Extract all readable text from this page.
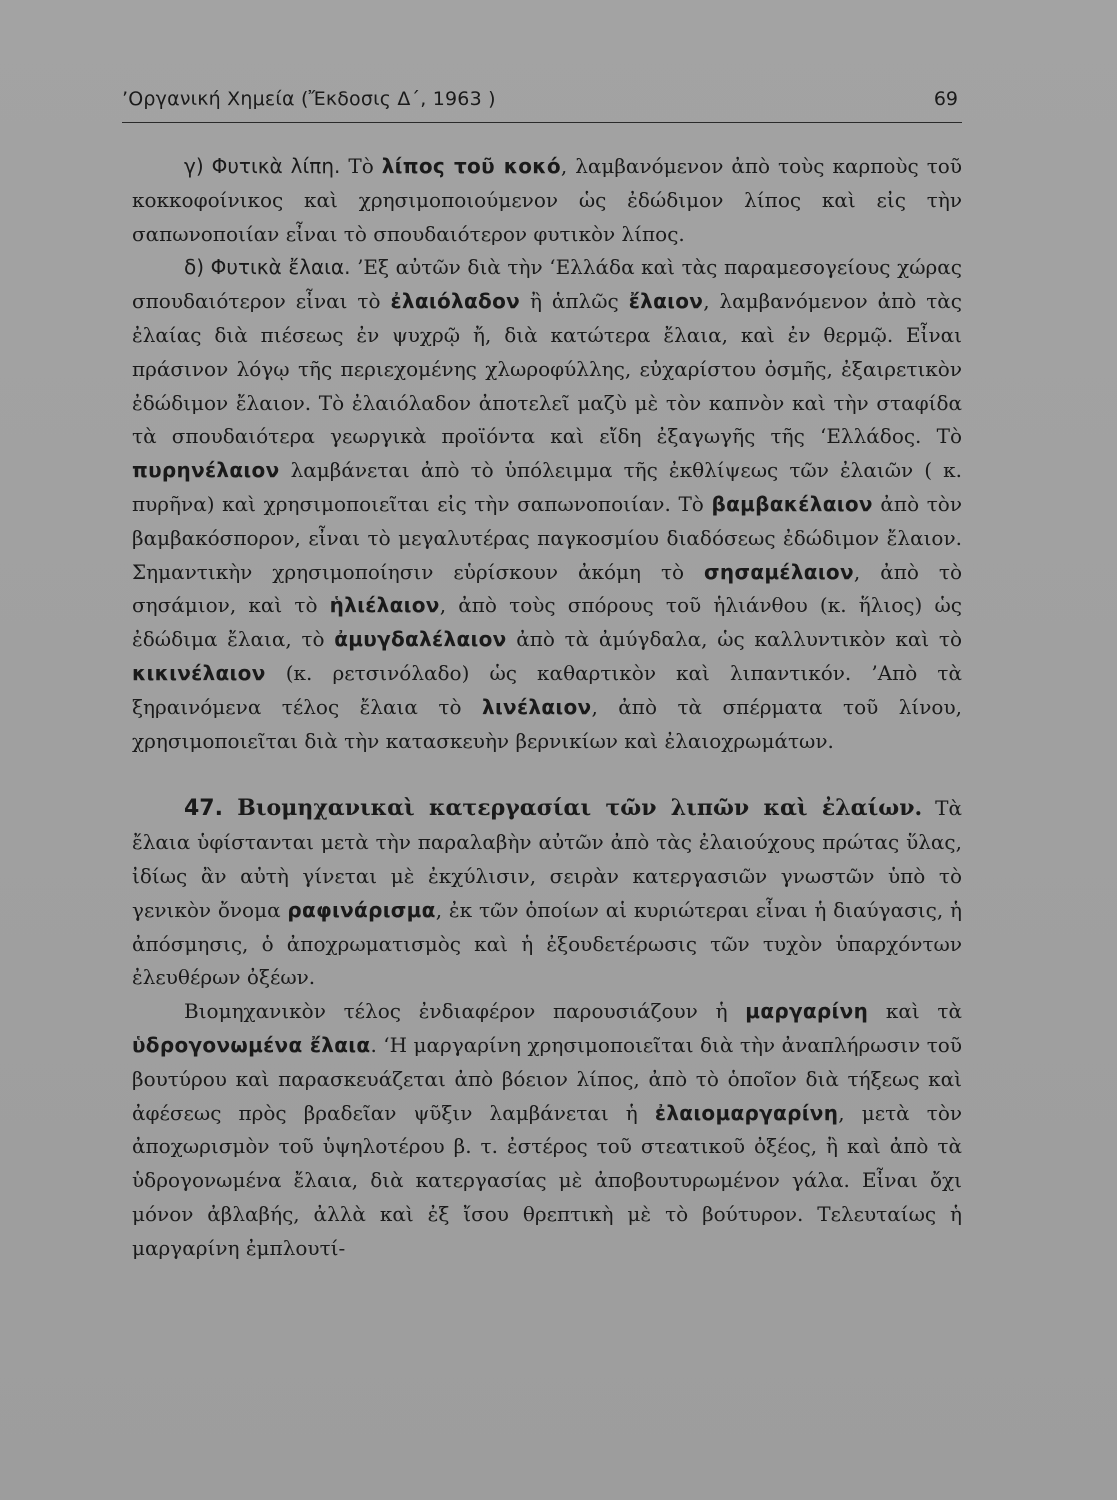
’Οργανική Χημεία (Ἔκδοσις Δ΄, 1963 )	69

γ) Φυτικὰ λίπη. Τὸ λίπος τοῦ κοκό, λαμβανόμενον ἀπὸ τοὺς καρποὺς τοῦ κοκκοφοίνικος καὶ χρησιμοποιούμενον ὡς ἐδώδιμον λίπος καὶ εἰς τὴν σαπωνοποιίαν εἶναι τὸ σπουδαιότερον φυτικὸν λίπος.

δ) Φυτικὰ ἔλαια. ’Εξ αὐτῶν διὰ τὴν ‘Ελλάδα καὶ τὰς παραμεσογείους χώρας σπουδαιότερον εἶναι τὸ ἐλαιόλαδον ἢ ἁπλῶς ἔλαιον, λαμβανόμενον ἀπὸ τὰς ἐλαίας διὰ πιέσεως ἐν ψυχρῷ ἤ, διὰ κατώτερα ἔλαια, καὶ ἐν θερμῷ. Εἶναι πράσινον λόγῳ τῆς περιεχομένης χλωροφύλλης, εὐχαρίστου ὀσμῆς, ἐξαιρετικὸν ἐδώδιμον ἔλαιον. Τὸ ἐλαιόλαδον ἀποτελεῖ μαζὺ μὲ τὸν καπνὸν καὶ τὴν σταφίδα τὰ σπουδαιότερα γεωργικὰ προϊόντα καὶ εἴδη ἐξαγωγῆς τῆς ‘Ελλάδος. Τὸ πυρηνέλαιον λαμβάνεται ἀπὸ τὸ ὑπόλειμμα τῆς ἐκθλίψεως τῶν ἐλαιῶν ( κ. πυρῆνα) καὶ χρησιμοποιεῖται εἰς τὴν σαπωνοποιίαν. Τὸ βαμβακέλαιον ἀπὸ τὸν βαμβακόσπορον, εἶναι τὸ μεγαλυτέρας παγκοσμίου διαδόσεως ἐδώδιμον ἔλαιον. Σημαντικὴν χρησιμοποίησιν εὑρίσκουν ἀκόμη τὸ σησαμέλαιον, ἀπὸ τὸ σησάμιον, καὶ τὸ ἡλιέλαιον, ἀπὸ τοὺς σπόρους τοῦ ἡλιάνθου (κ. ἥλιος) ὡς ἐδώδιμα ἔλαια, τὸ ἀμυγδαλέλαιον ἀπὸ τὰ ἀμύγδαλα, ὡς καλλυντικὸν καὶ τὸ κικινέλαιον (κ. ρετσινόλαδο) ὡς καθαρτικὸν καὶ λιπαντικόν. ’Απὸ τὰ ξηραινόμενα τέλος ἔλαια τὸ λινέλαιον, ἀπὸ τὰ σπέρματα τοῦ λίνου, χρησιμοποιεῖται διὰ τὴν κατασκευὴν βερνικίων καὶ ἐλαιοχρωμάτων.

47. Βιομηχανικαὶ κατεργασίαι τῶν λιπῶν καὶ ἐλαίων. Τὰ ἔλαια ὑφίστανται μετὰ τὴν παραλαβὴν αὐτῶν ἀπὸ τὰς ἐλαιούχους πρώτας ὕλας, ἰδίως ἂν αὐτὴ γίνεται μὲ ἐκχύλισιν, σειρὰν κατεργασιῶν γνωστῶν ὑπὸ τὸ γενικὸν ὄνομα ραφινάρισμα, ἐκ τῶν ὁποίων αἱ κυριώτεραι εἶναι ἡ διαύγασις, ἡ ἀπόσμησις, ὁ ἀποχρωματισμὸς καὶ ἡ ἐξουδετέρωσις τῶν τυχὸν ὑπαρχόντων ἐλευθέρων ὀξέων.

Βιομηχανικὸν τέλος ἐνδιαφέρον παρουσιάζουν ἡ μαργαρίνη καὶ τὰ ὑδρογονωμένα ἔλαια. ‘Η μαργαρίνη χρησιμοποιεῖται διὰ τὴν ἀναπλήρωσιν τοῦ βουτύρου καὶ παρασκευάζεται ἀπὸ βόειον λίπος, ἀπὸ τὸ ὁποῖον διὰ τήξεως καὶ ἀφέσεως πρὸς βραδεῖαν ψῦξιν λαμβάνεται ἡ ἐλαιομαργαρίνη, μετὰ τὸν ἀποχωρισμὸν τοῦ ὑψηλοτέρου β. τ. ἐστέρος τοῦ στεατικοῦ ὀξέος, ἢ καὶ ἀπὸ τὰ ὑδρογονωμένα ἔλαια, διὰ κατεργασίας μὲ ἀποβουτυρωμένον γάλα. Εἶναι ὄχι μόνον ἀβλαβής, ἀλλὰ καὶ ἐξ ἴσου θρεπτικὴ μὲ τὸ βούτυρον. Τελευταίως ἡ μαργαρίνη ἐμπλουτί-
